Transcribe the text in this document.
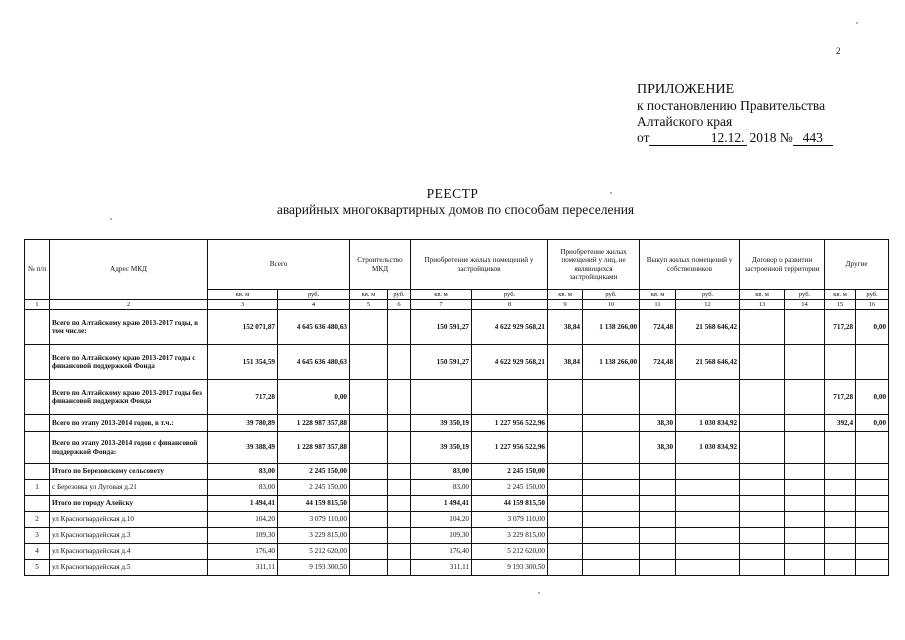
2
ПРИЛОЖЕНИЕ
к постановлению Правительства
Алтайского края
от	12.12. 2018 № 443
РЕЕСТР
аварийных многоквартирных домов по способам переселения
№ п/п	Адрес МКД	Всего		Строительство МКД		Приобретение жилых помещений у застройщиков		Приобретение жилых помещений у лиц, не являющихся застройщиками		Выкуп жилых помещений у собственников		Договор о развитии застроенной территории		Другие	
		кв. м	руб.	кв. м	руб.	кв. м	руб.	кв. м	руб.	кв. м	руб.	кв. м	руб.	кв. м	руб.
1	2	3	4	5	6	7	8	9	10	11	12	13	14	15	16
	Всего по Алтайскому краю 2013-2017 годы, в том числе:	152 071,87	4 645 636 480,63			150 591,27	4 622 929 568,21	38,84	1 138 266,00	724,48	21 568 646,42			717,28	0,00
	Всего по Алтайскому краю 2013-2017 годы с финансовой поддержкой Фонда	151 354,59	4 645 636 480,63			150 591,27	4 622 929 568,21	38,84	1 138 266,00	724,48	21 568 646,42				
	Всего по Алтайскому краю 2013-2017 годы без финансовой поддержки Фонда	717,28	0,00											717,28	0,00
	Всего по этапу 2013-2014 годов, в т.ч.:	39 780,89	1 228 987 357,88			39 350,19	1 227 956 522,96			38,30	1 030 834,92			392,4	0,00
	Всего по этапу 2013-2014 годов с финансовой поддержкой Фонда:	39 388,49	1 228 987 357,88			39 350,19	1 227 956 522,96			38,30	1 030 834,92				
	Итого по Березовскому сельсовету	83,00	2 245 150,00			83,00	2 245 150,00								
1	с Березовка ул Луговая д.21	83,00	2 245 150,00			83,00	2 245 150,00								
	Итого по городу Алейску	1 494,41	44 159 815,50			1 494,41	44 159 815,50								
2	ул Красногвардейская д.10	104,20	3 079 110,00			104,20	3 079 110,00								
3	ул Красногвардейская д.3	109,30	3 229 815,00			109,30	3 229 815,00								
4	ул Красногвардейская д.4	176,40	5 212 620,00			176,40	5 212 620,00								
5	ул Красногвардейская д.5	311,11	9 193 300,50			311,11	9 193 300,50								
